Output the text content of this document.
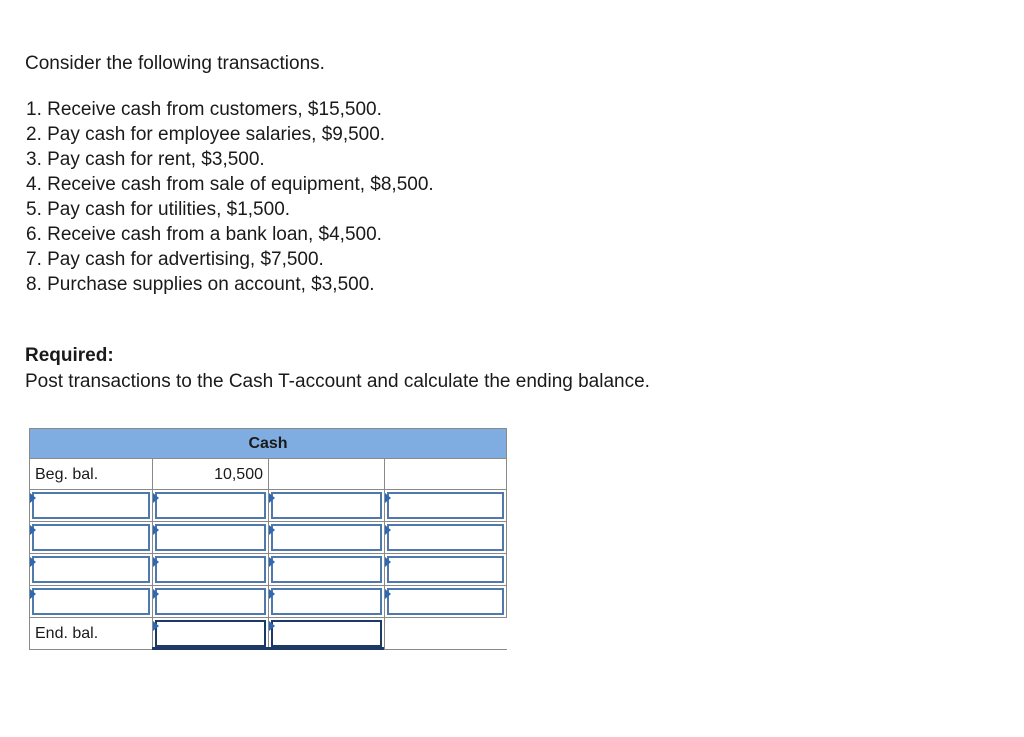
Consider the following transactions.

1. Receive cash from customers, $15,500.
2. Pay cash for employee salaries, $9,500.
3. Pay cash for rent, $3,500.
4. Receive cash from sale of equipment, $8,500.
5. Pay cash for utilities, $1,500.
6. Receive cash from a bank loan, $4,500.
7. Pay cash for advertising, $7,500.
8. Purchase supplies on account, $3,500.

Required:

Post transactions to the Cash T-account and calculate the ending balance.

Cash
Beg. bal.	10,500
End. bal.
